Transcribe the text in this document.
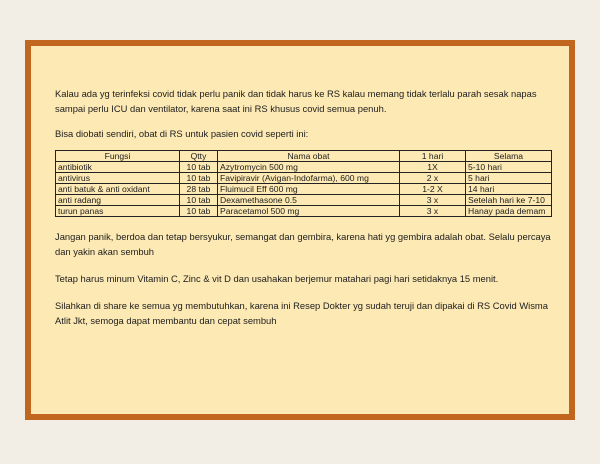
Kalau ada yg terinfeksi covid tidak perlu panik dan tidak harus ke RS kalau memang tidak terlalu parah sesak napas sampai perlu ICU dan ventilator, karena saat ini RS khusus covid semua penuh.

Bisa diobati sendiri, obat di RS untuk pasien covid seperti ini:

Fungsi	Qtty	Nama obat	1 hari	Selama
antibiotik	10 tab	Azytromycin 500 mg	1X	5-10 hari
antivirus	10 tab	Favipiravir (Avigan-Indofarma), 600 mg	2 x	5 hari
anti batuk & anti oxidant	28 tab	Fluimucil Eff 600 mg	1-2 X	14 hari
anti radang	10 tab	Dexamethasone 0.5	3 x	Setelah hari ke 7-10
turun panas	10 tab	Paracetamol 500 mg	3 x	Hanay pada demam

Jangan panik, berdoa dan tetap bersyukur, semangat dan gembira, karena hati yg gembira adalah obat. Selalu percaya dan yakin akan sembuh

Tetap harus minum Vitamin C, Zinc & vit D dan usahakan berjemur matahari pagi hari setidaknya 15 menit.

Silahkan di share ke semua yg membutuhkan, karena ini Resep Dokter yg sudah teruji dan dipakai di RS Covid Wisma Atlit Jkt, semoga dapat membantu dan cepat sembuh
